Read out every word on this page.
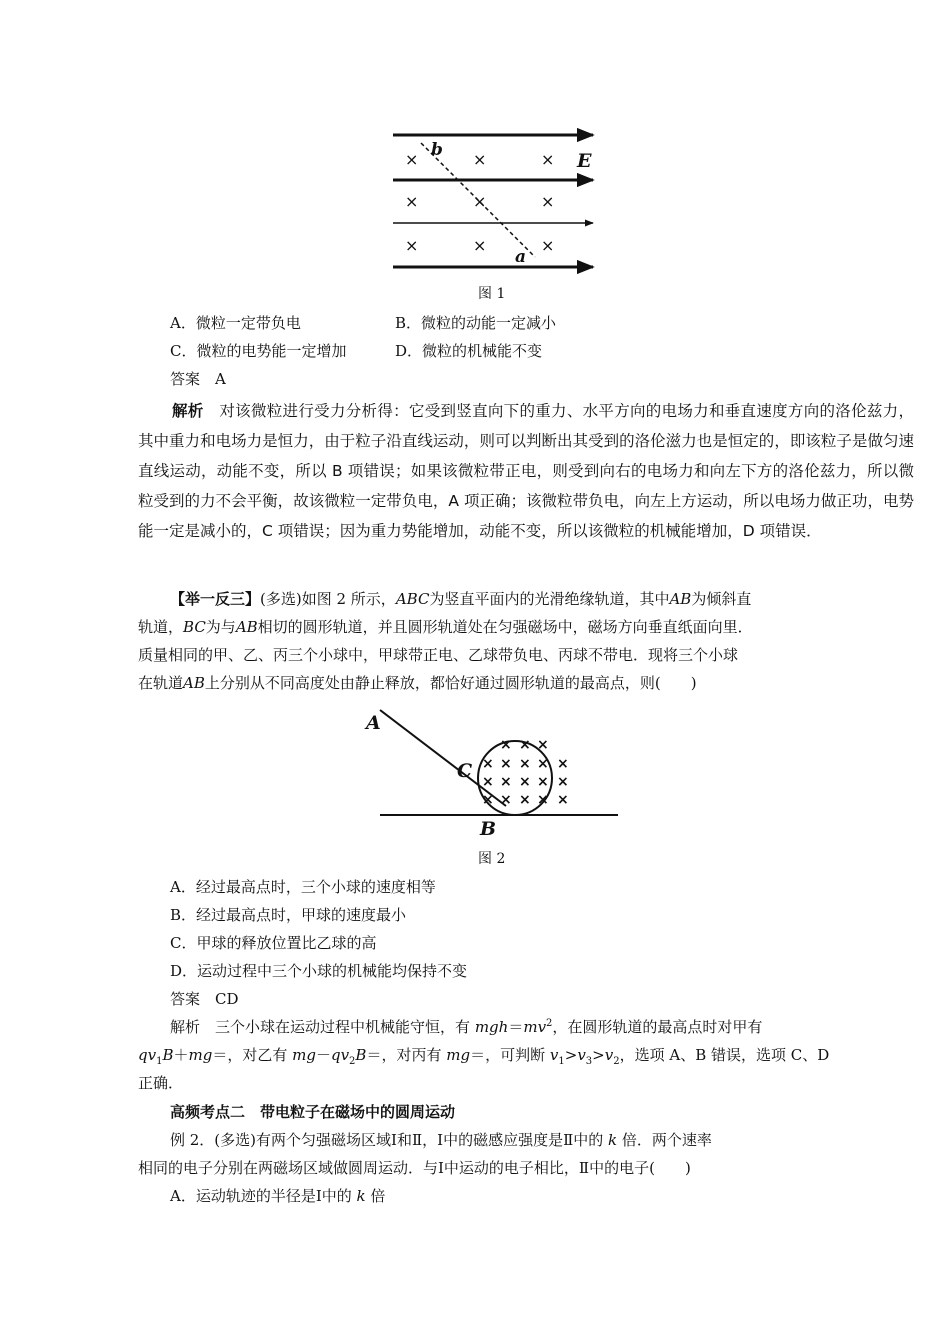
×	×	×
×	×	×
×	×	×
b
a
E
图 1
A．微粒一定带负电	B．微粒的动能一定减小
C．微粒的电势能一定增加	D．微粒的机械能不变
答案　A

解析　 对该微粒进行受力分析得：它受到竖直向下的重力、水平方向的电场力和垂直速度方向的洛伦兹力，其中重力和电场力是恒力，由于粒子沿直线运动，则可以判断出其受到的洛伦滋力也是恒定的，即该粒子是做匀速直线运动，动能不变，所以 B 项错误；如果该微粒带正电，则受到向右的电场力和向左下方的洛伦兹力，所以微粒受到的力不会平衡，故该微粒一定带负电，A 项正确；该微粒带负电，向左上方运动，所以电场力做正功，电势能一定是减小的，C 项错误；因为重力势能增加，动能不变，所以该微粒的机械能增加，D 项错误．

【举一反三】(多选)如图 2 所示，ABC为竖直平面内的光滑绝缘轨道，其中AB为倾斜直
轨道，BC为与AB相切的圆形轨道，并且圆形轨道处在匀强磁场中，磁场方向垂直纸面向里．
质量相同的甲、乙、丙三个小球中，甲球带正电、乙球带负电、丙球不带电．现将三个小球
在轨道AB上分别从不同高度处由静止释放，都恰好通过圆形轨道的最高点，则(　　)
× × ×
× × × × ×
× × × × ×
× × × × ×
A
C
B
图 2
A．经过最高点时，三个小球的速度相等
B．经过最高点时，甲球的速度最小
C．甲球的释放位置比乙球的高
D．运动过程中三个小球的机械能均保持不变
答案　CD
解析　 三个小球在运动过程中机械能守恒，有 $mgh=mv^2$，在圆形轨道的最高点时对甲有
$qv_1B+mg=$，对乙有 $mg-qv_2B=$，对丙有 mg＝，可判断 $v_1>v_3>v_2$，选项 A、B 错误，选项 C、D
正确．
高频考点二　带电粒子在磁场中的圆周运动
例 2．(多选)有两个匀强磁场区域Ⅰ和Ⅱ，Ⅰ中的磁感应强度是Ⅱ中的 k 倍．两个速率
相同的电子分别在两磁场区域做圆周运动．与Ⅰ中运动的电子相比，Ⅱ中的电子(　　)
A．运动轨迹的半径是Ⅰ中的 k 倍
